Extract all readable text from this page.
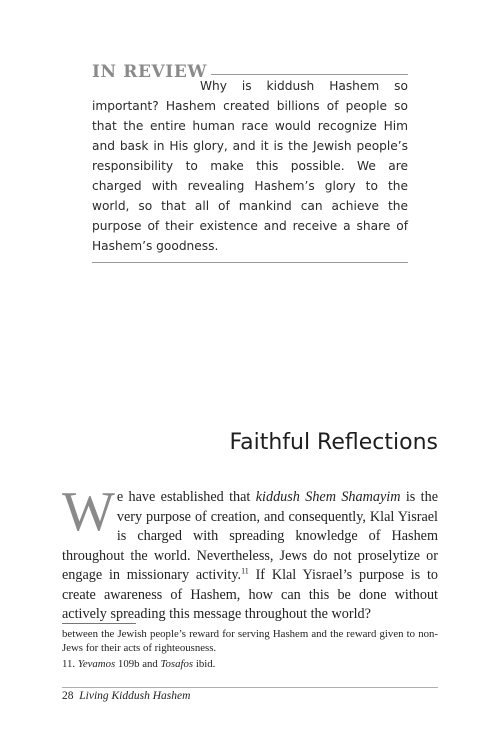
IN REVIEW
Why is kiddush Hashem so important? Hashem created billions of people so that the entire human race would recognize Him and bask in His glory, and it is the Jewish people’s responsibility to make this possible. We are charged with revealing Hashem’s glory to the world, so that all of mankind can achieve the purpose of their existence and receive a share of Hashem’s goodness.
Faithful Reflections
We have established that kiddush Shem Shamayim is the very purpose of creation, and consequently, Klal Yisrael is charged with spreading knowledge of Hashem throughout the world. Nevertheless, Jews do not proselytize or engage in missionary activity.$^{11}$ If Klal Yisrael’s purpose is to create awareness of Hashem, how can this be done without actively spreading this message throughout the world?
between the Jewish people’s reward for serving Hashem and the reward given to non-Jews for their acts of righteousness.
11. Yevamos 109b and Tosafos ibid.
28 Living Kiddush Hashem
